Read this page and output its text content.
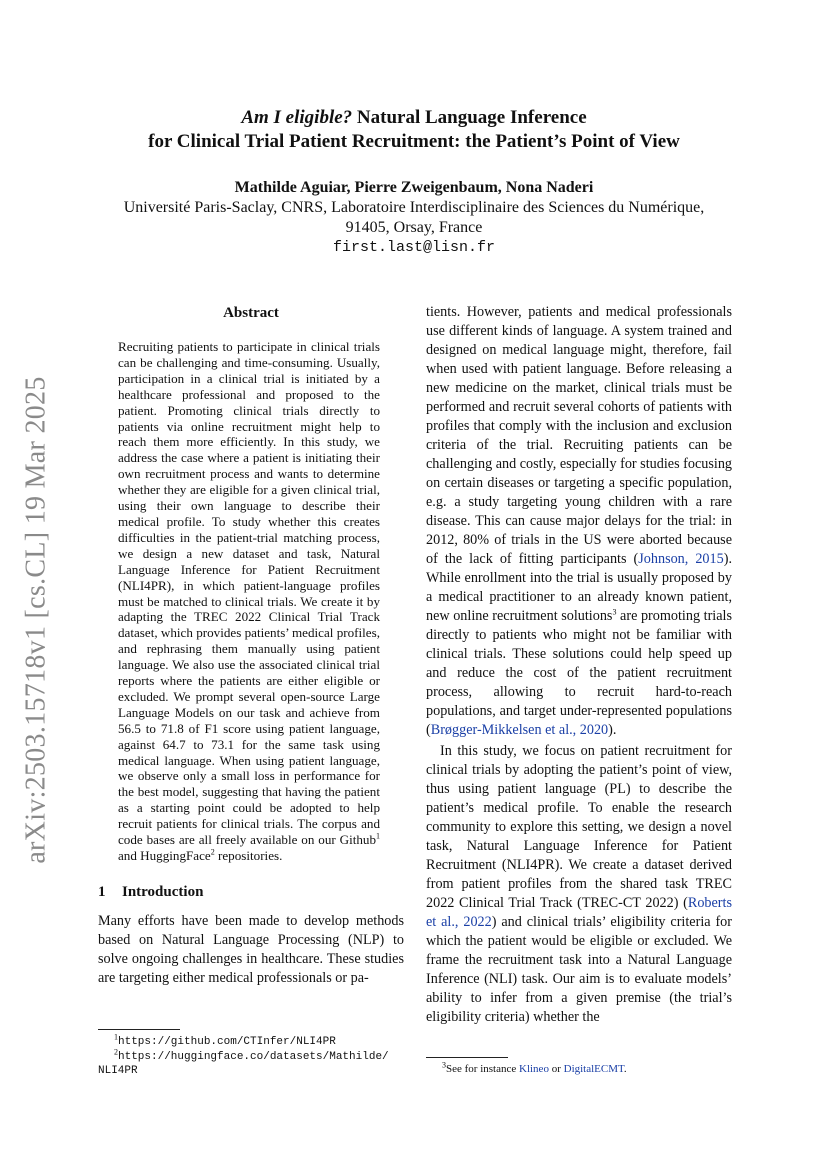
arXiv:2503.15718v1 [cs.CL] 19 Mar 2025
Am I eligible? Natural Language Inference
for Clinical Trial Patient Recruitment: the Patient’s Point of View
Mathilde Aguiar, Pierre Zweigenbaum, Nona Naderi
Université Paris-Saclay, CNRS, Laboratoire Interdisciplinaire des Sciences du Numérique,
91405, Orsay, France
first.last@lisn.fr
Abstract
Recruiting patients to participate in clinical trials can be challenging and time-consuming. Usually, participation in a clinical trial is initiated by a healthcare professional and proposed to the patient. Promoting clinical trials directly to patients via online recruitment might help to reach them more efficiently. In this study, we address the case where a patient is initiating their own recruitment process and wants to determine whether they are eligible for a given clinical trial, using their own language to describe their medical profile. To study whether this creates difficulties in the patient-trial matching process, we design a new dataset and task, Natural Language Inference for Patient Recruitment (NLI4PR), in which patient-language profiles must be matched to clinical trials. We create it by adapting the TREC 2022 Clinical Trial Track dataset, which provides patients’ medical profiles, and rephrasing them manually using patient language. We also use the associated clinical trial reports where the patients are either eligible or excluded. We prompt several open-source Large Language Models on our task and achieve from 56.5 to 71.8 of F1 score using patient language, against 64.7 to 73.1 for the same task using medical language. When using patient language, we observe only a small loss in performance for the best model, suggesting that having the patient as a starting point could be adopted to help recruit patients for clinical trials. The corpus and code bases are all freely available on our Github$^1$ and HuggingFace$^2$ repositories.
1 Introduction

Many efforts have been made to develop methods based on Natural Language Processing (NLP) to solve ongoing challenges in healthcare. These studies are targeting either medical professionals or pa-

tients. However, patients and medical professionals use different kinds of language. A system trained and designed on medical language might, therefore, fail when used with patient language. Before releasing a new medicine on the market, clinical trials must be performed and recruit several cohorts of patients with profiles that comply with the inclusion and exclusion criteria of the trial. Recruiting patients can be challenging and costly, especially for studies focusing on certain diseases or targeting a specific population, e.g. a study targeting young children with a rare disease. This can cause major delays for the trial: in 2012, 80% of trials in the US were aborted because of the lack of fitting participants (Johnson, 2015). While enrollment into the trial is usually proposed by a medical practitioner to an already known patient, new online recruitment solutions$^3$ are promoting trials directly to patients who might not be familiar with clinical trials. These solutions could help speed up and reduce the cost of the patient recruitment process, allowing to recruit hard-to-reach populations, and target under-represented populations (Brøgger-Mikkelsen et al., 2020).

In this study, we focus on patient recruitment for clinical trials by adopting the patient’s point of view, thus using patient language (PL) to describe the patient’s medical profile. To enable the research community to explore this setting, we design a novel task, Natural Language Inference for Patient Recruitment (NLI4PR). We create a dataset derived from patient profiles from the shared task TREC 2022 Clinical Trial Track (TREC-CT 2022) (Roberts et al., 2022) and clinical trials’ eligibility criteria for which the patient would be eligible or excluded. We frame the recruitment task into a Natural Language Inference (NLI) task. Our aim is to evaluate models’ ability to infer from a given premise (the trial’s eligibility criteria) whether the

$^1$https://github.com/CTInfer/NLI4PR
$^2$https://huggingface.co/datasets/Mathilde/
NLI4PR
$^3$See for instance Klineo or DigitalECMT.
